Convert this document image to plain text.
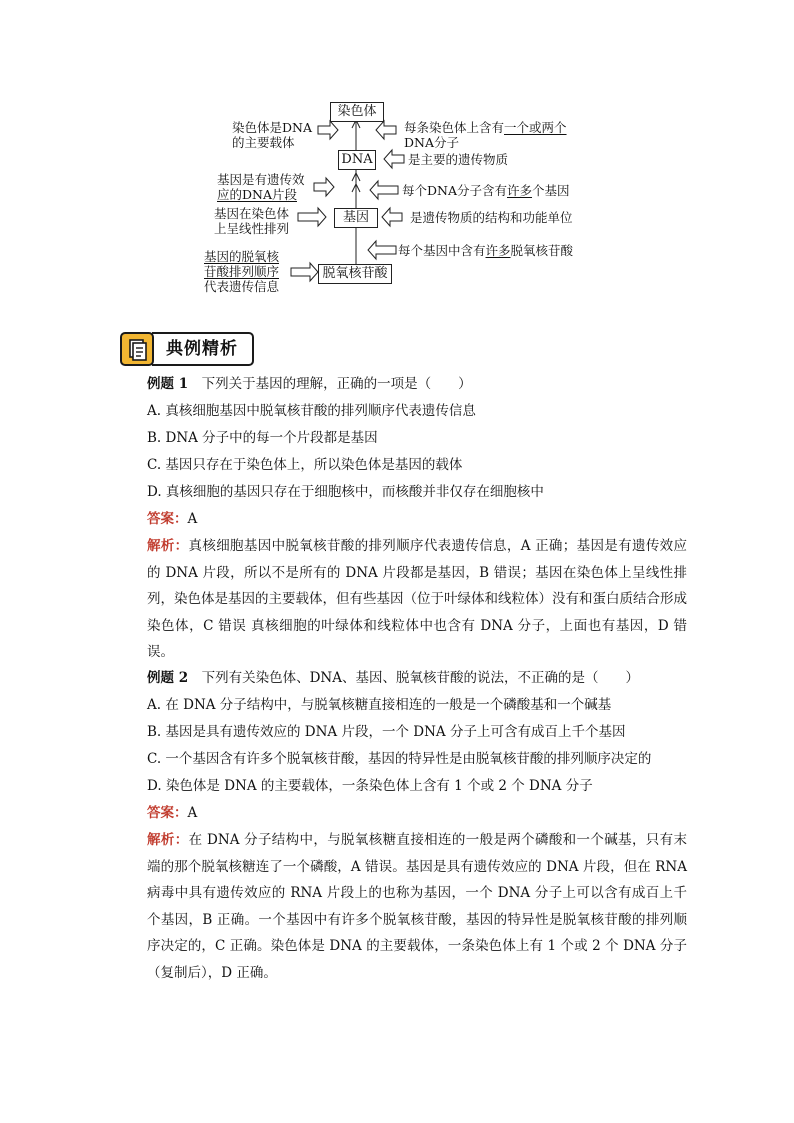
染色体
DNA
基因
脱氧核苷酸
染色体是DNA
的主要载体
基因是有遗传效
应的DNA片段
基因在染色体
上呈线性排列
基因的脱氧核
苷酸排列顺序
代表遗传信息
每条染色体上含有一个或两个
DNA分子
是主要的遗传物质
每个DNA分子含有许多个基因
是遗传物质的结构和功能单位
每个基因中含有许多脱氧核苷酸
典例精析
例题 1　 下列关于基因的理解，正确的一项是（　　）
A. 真核细胞基因中脱氧核苷酸的排列顺序代表遗传信息
B. DNA 分子中的每一个片段都是基因
C. 基因只存在于染色体上，所以染色体是基因的载体
D. 真核细胞的基因只存在于细胞核中，而核酸并非仅存在细胞核中
答案：A
解析：真核细胞基因中脱氧核苷酸的排列顺序代表遗传信息，A 正确；基因是有遗传效应的 DNA 片段，所以不是所有的 DNA 片段都是基因，B 错误；基因在染色体上呈线性排列，染色体是基因的主要载体，但有些基因（位于叶绿体和线粒体）没有和蛋白质结合形成染色体，C 错误 真核细胞的叶绿体和线粒体中也含有 DNA 分子，上面也有基因，D 错误。
例题 2　 下列有关染色体、DNA、基因、脱氧核苷酸的说法，不正确的是（　　）
A. 在 DNA 分子结构中，与脱氧核糖直接相连的一般是一个磷酸基和一个碱基
B. 基因是具有遗传效应的 DNA 片段，一个 DNA 分子上可含有成百上千个基因
C. 一个基因含有许多个脱氧核苷酸，基因的特异性是由脱氧核苷酸的排列顺序决定的
D. 染色体是 DNA 的主要载体，一条染色体上含有 1 个或 2 个 DNA 分子
答案：A
解析：在 DNA 分子结构中，与脱氧核糖直接相连的一般是两个磷酸和一个碱基，只有末端的那个脱氧核糖连了一个磷酸，A 错误。基因是具有遗传效应的 DNA 片段，但在 RNA 病毒中具有遗传效应的 RNA 片段上的也称为基因，一个 DNA 分子上可以含有成百上千个基因，B 正确。一个基因中有许多个脱氧核苷酸，基因的特异性是脱氧核苷酸的排列顺序决定的，C 正确。染色体是 DNA 的主要载体，一条染色体上有 1 个或 2 个 DNA 分子（复制后），D 正确。
